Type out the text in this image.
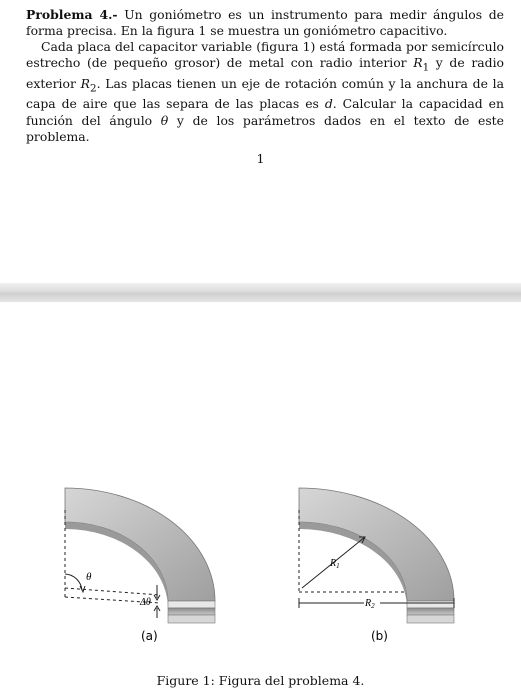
Problema 4.- Un goniómetro es un instrumento para medir ángulos de forma precisa. En la figura 1 se muestra un goniómetro capacitivo.

Cada placa del capacitor variable (figura 1) está formada por semicírculo estrecho (de pequeño grosor) de metal con radio interior $R_1$ y de radio exterior $R_2$. Las placas tienen un eje de rotación común y la anchura de la capa de aire que las separa de las placas es d. Calcular la capacidad en función del ángulo θ y de los parámetros dados en el texto de este problema.

1
θ
Δθ
(a)
$R_1$
$R_2$
(b)
Figure 1: Figura del problema 4.
